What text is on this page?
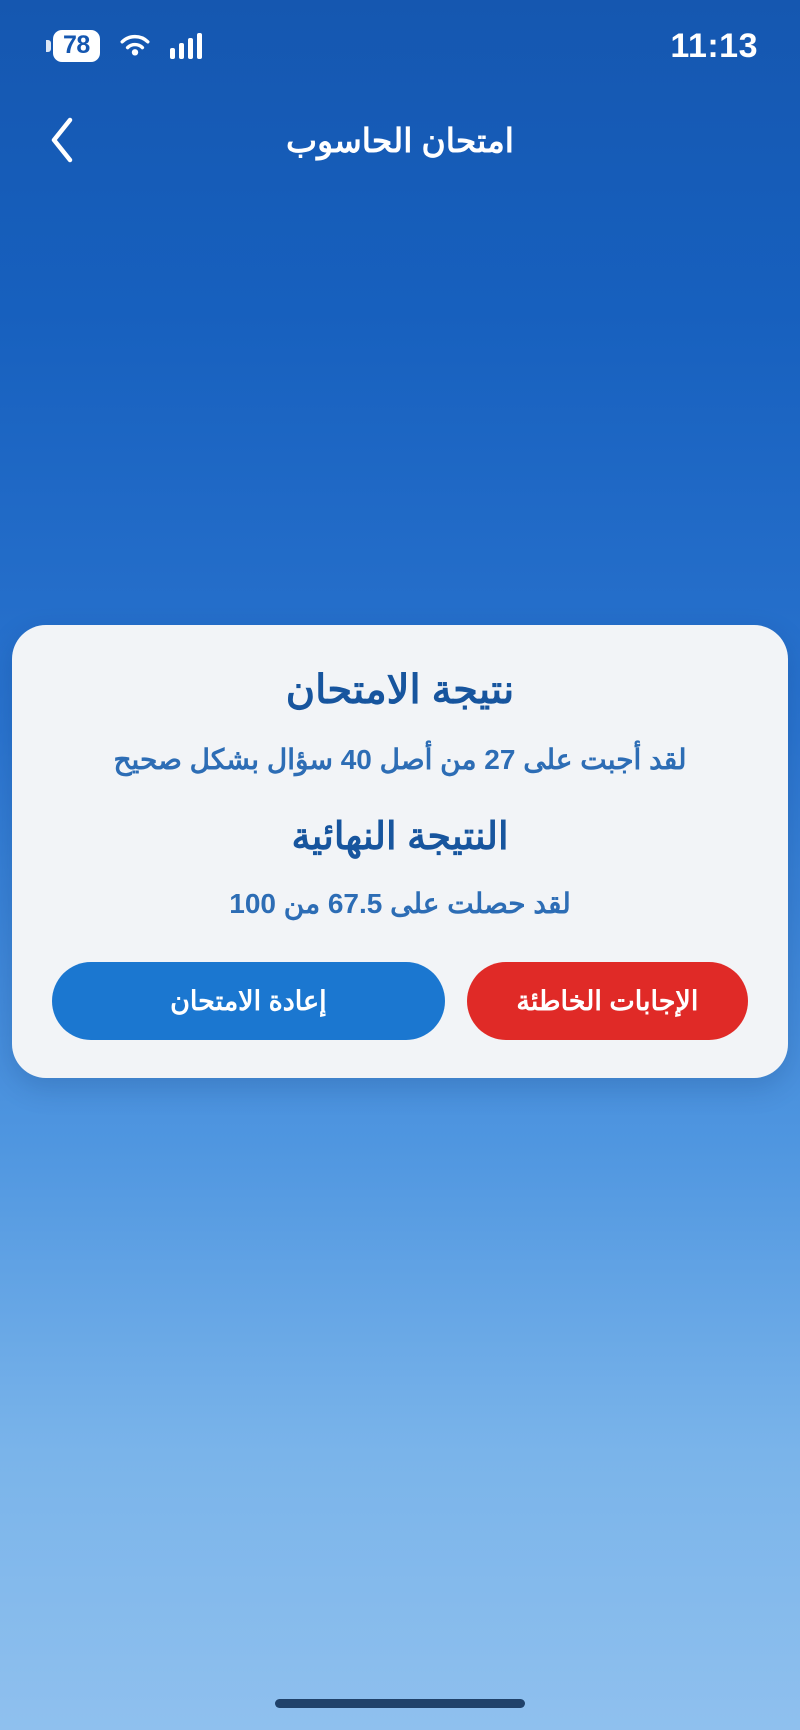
78	11:13
امتحان الحاسوب
نتيجة الامتحان
لقد أجبت على 27 من أصل 40 سؤال بشكل صحيح
النتيجة النهائية
لقد حصلت على 67.5 من 100
إعادة الامتحان	الإجابات الخاطئة
